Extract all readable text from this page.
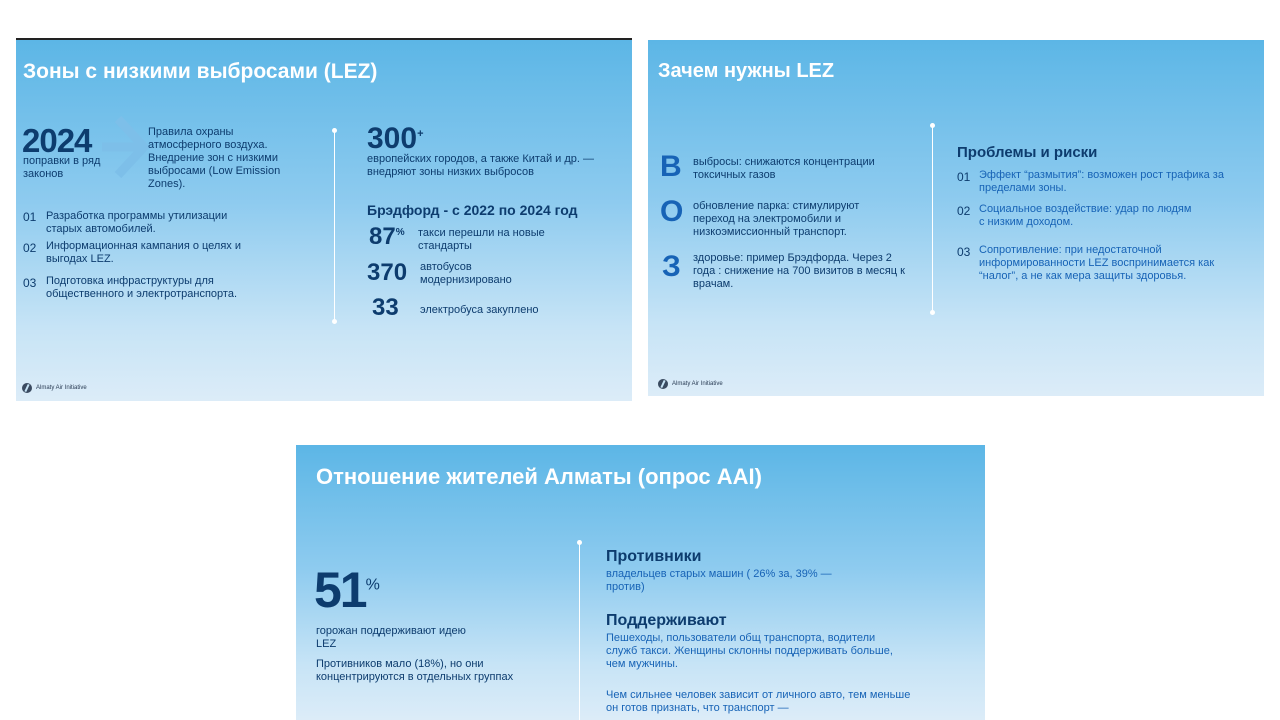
Зоны с низкими выбросами (LEZ)
2024
поправки в ряд законов
Правила охраны атмосферного воздуха. Внедрение зон с низкими выбросами (Low Emission Zones).
01 Разработка программы утилизации старых автомобилей.
02 Информационная кампания о целях и выгодах LEZ.
03 Подготовка инфраструктуры для общественного и электротранспорта.
300+
европейских городов, а также Китай и др. — внедряют зоны низких выбросов
Брэдфорд - с 2022 по 2024 год
87% такси перешли на новые стандарты
370 автобусов модернизировано
33 электробуса закуплено
Almaty Air Initiative
Зачем нужны LEZ
В выбросы: снижаются концентрации токсичных газов
О обновление парка: стимулируют переход на электромобили и низкоэмиссионный транспорт.
З здоровье: пример Брэдфорда. Через 2 года : снижение на 700 визитов в месяц к врачам.
Проблемы и риски
01 Эффект “размытия”: возможен рост трафика за пределами зоны.
02 Социальное воздействие: удар по людям с низким доходом.
03 Сопротивление: при недостаточной информированности LEZ воспринимается как “налог”, а не как мера защиты здоровья.
Almaty Air Initiative
Отношение жителей Алматы (опрос AAI)
51%
горожан поддерживают идею LEZ
Противников мало (18%), но они концентрируются в отдельных группах
Противники
владельцев старых машин ( 26% за, 39% — против)
Поддерживают
Пешеходы, пользователи общ транспорта, водители служб такси. Женщины склонны поддерживать больше, чем мужчины.
Чем сильнее человек зависит от личного авто, тем меньше он готов признать, что транспорт —
